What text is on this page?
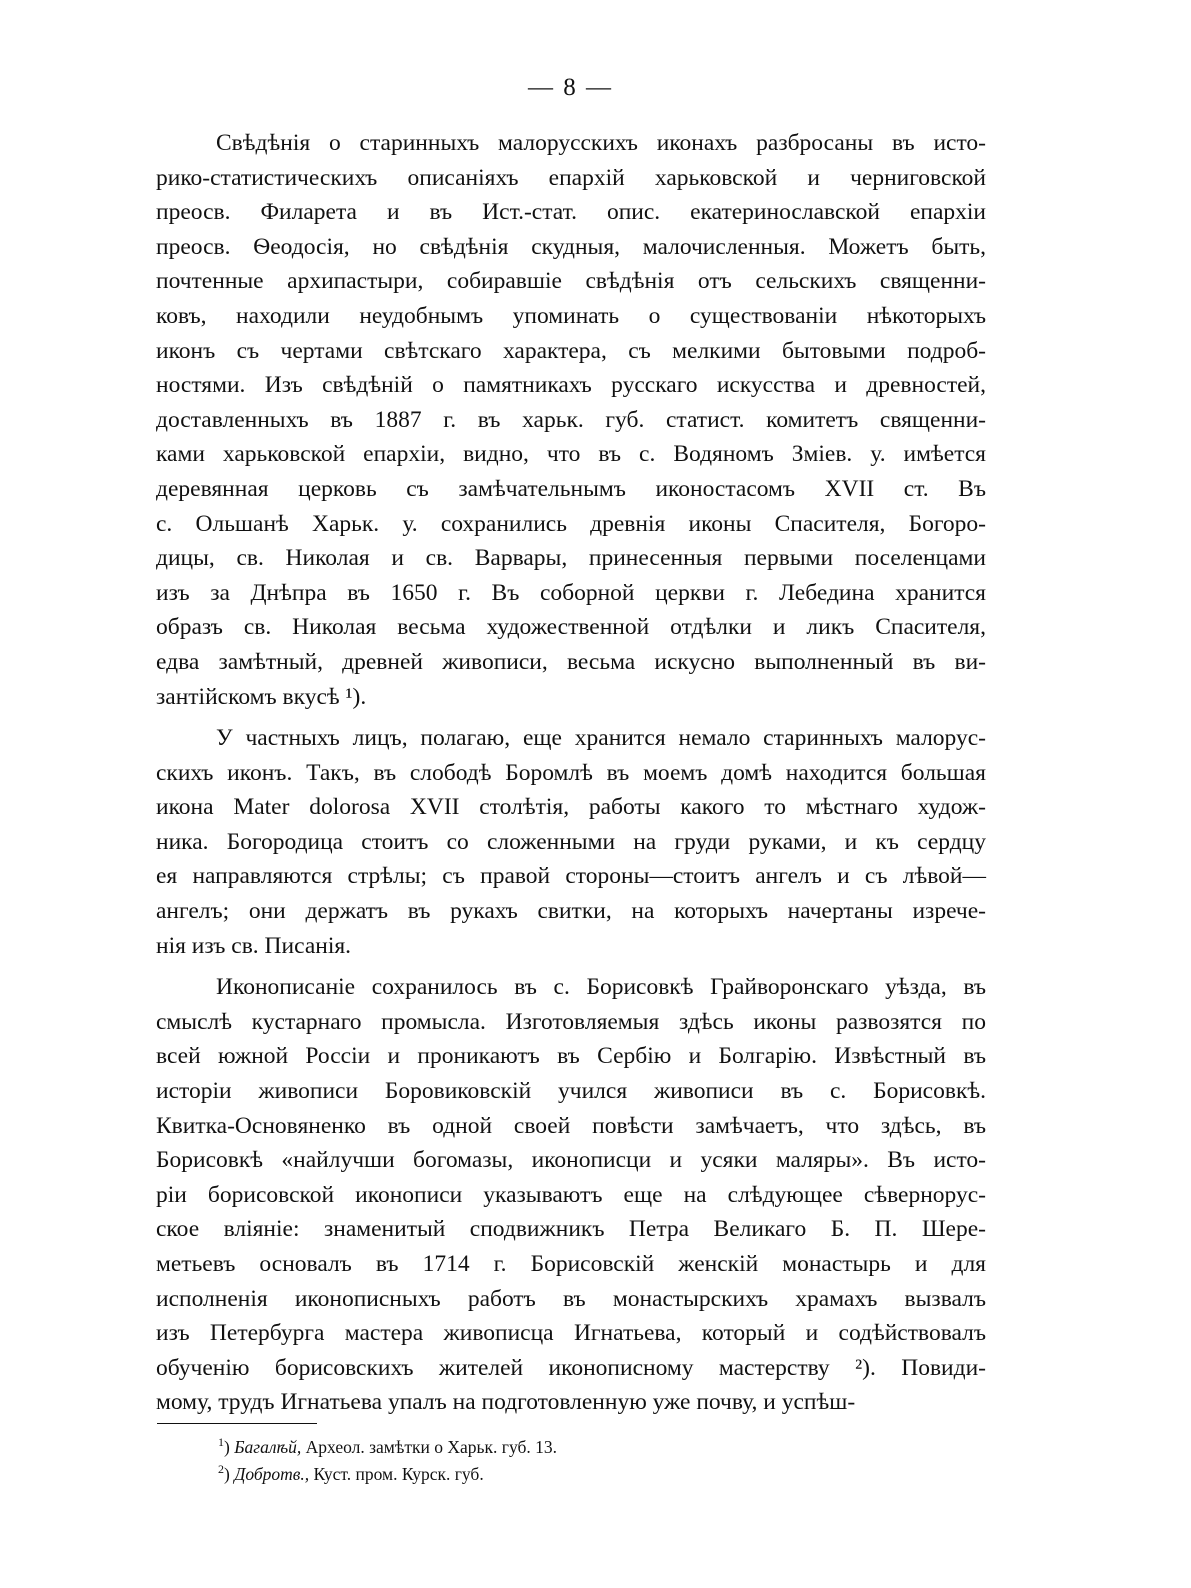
— 8 —
Свѣдѣнія о старинныхъ малорусскихъ иконахъ разбросаны въ исто-
рико-статистическихъ описаніяхъ епархій харьковской и черниговской
преосв. Филарета и въ Ист.-стат. опис. екатеринославской епархіи
преосв. Ѳеодосія, но свѣдѣнія скудныя, малочисленныя. Можетъ быть,
почтенные архипастыри, собиравшіе свѣдѣнія отъ сельскихъ священни-
ковъ, находили неудобнымъ упоминать о существованіи нѣкоторыхъ
иконъ съ чертами свѣтскаго характера, съ мелкими бытовыми подроб-
ностями. Изъ свѣдѣній о памятникахъ русскаго искусства и древностей,
доставленныхъ въ 1887 г. въ харьк. губ. статист. комитетъ священни-
ками харьковской епархіи, видно, что въ с. Водяномъ Зміев. у. имѣется
деревянная церковь съ замѣчательнымъ иконостасомъ XVII ст. Въ
с. Ольшанѣ Харьк. у. сохранились древнія иконы Спасителя, Богоро-
дицы, св. Николая и св. Варвары, принесенныя первыми поселенцами
изъ за Днѣпра въ 1650 г. Въ соборной церкви г. Лебедина хранится
образъ св. Николая весьма художественной отдѣлки и ликъ Спасителя,
едва замѣтный, древней живописи, весьма искусно выполненный въ ви-
зантійскомъ вкусѣ ¹).
У частныхъ лицъ, полагаю, еще хранится немало старинныхъ малорус-
скихъ иконъ. Такъ, въ слободѣ Боромлѣ въ моемъ домѣ находится большая
икона Mater dolorosa XVII столѣтія, работы какого то мѣстнаго худож-
ника. Богородица стоитъ со сложенными на груди руками, и къ сердцу
ея направляются стрѣлы; съ правой стороны—стоитъ ангелъ и съ лѣвой—
ангелъ; они держатъ въ рукахъ свитки, на которыхъ начертаны изрече-
нія изъ св. Писанія.
Иконописаніе сохранилось въ с. Борисовкѣ Грайворонскаго уѣзда, въ
смыслѣ кустарнаго промысла. Изготовляемыя здѣсь иконы развозятся по
всей южной Россіи и проникаютъ въ Сербію и Болгарію. Извѣстный въ
исторіи живописи Боровиковскій учился живописи въ с. Борисовкѣ.
Квитка-Основяненко въ одной своей повѣсти замѣчаетъ, что здѣсь, въ
Борисовкѣ «найлучши богомазы, иконописци и усяки маляры». Въ исто-
ріи борисовской иконописи указываютъ еще на слѣдующее сѣвернорус-
ское вліяніе: знаменитый сподвижникъ Петра Великаго Б. П. Шере-
метьевъ основалъ въ 1714 г. Борисовскій женскій монастырь и для
исполненія иконописныхъ работъ въ монастырскихъ храмахъ вызвалъ
изъ Петербурга мастера живописца Игнатьева, который и содѣйствовалъ
обученію борисовскихъ жителей иконописному мастерству ²). Повиди-
мому, трудъ Игнатьева упалъ на подготовленную уже почву, и успѣш-
$^1$) Багалѣй, Археол. замѣтки о Харьк. губ. 13.
$^2$) Добротв., Куст. пром. Курск. губ.
